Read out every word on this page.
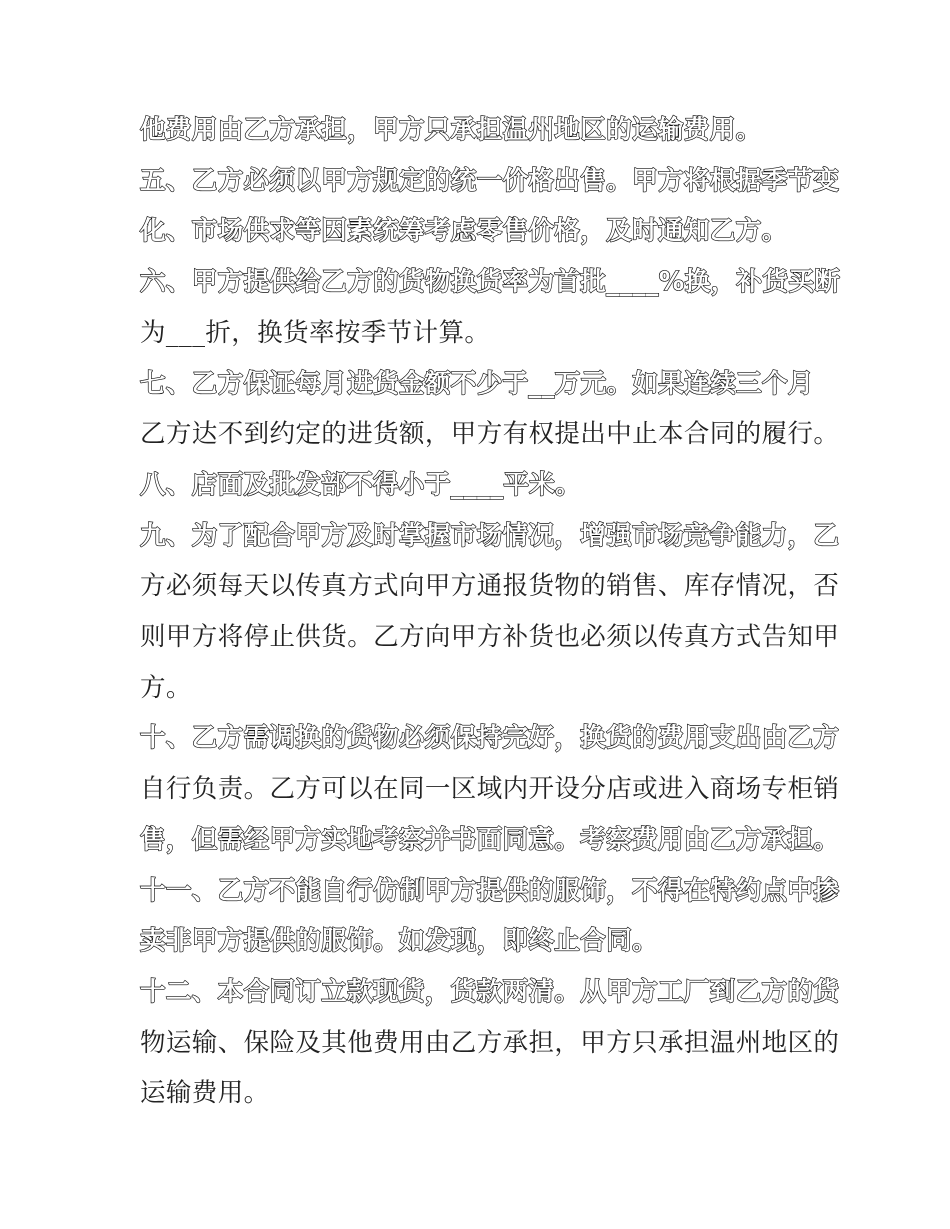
他费用由乙方承担，甲方只承担温州地区的运输费用。
五、乙方必须以甲方规定的统一价格出售。甲方将根据季节变
化、市场供求等因素统筹考虑零售价格，及时通知乙方。
六、甲方提供给乙方的货物换货率为首批____%换，补货买断
为___折，换货率按季节计算。
七、乙方保证每月进货金额不少于__万元。如果连续三个月
乙方达不到约定的进货额，甲方有权提出中止本合同的履行。
八、店面及批发部不得小于____平米。
九、为了配合甲方及时掌握市场情况，增强市场竞争能力，乙
方必须每天以传真方式向甲方通报货物的销售、库存情况，否
则甲方将停止供货。乙方向甲方补货也必须以传真方式告知甲
方。
十、乙方需调换的货物必须保持完好，换货的费用支出由乙方
自行负责。乙方可以在同一区域内开设分店或进入商场专柜销
售，但需经甲方实地考察并书面同意。考察费用由乙方承担。
十一、乙方不能自行仿制甲方提供的服饰，不得在特约点中掺
卖非甲方提供的服饰。如发现，即终止合同。
十二、本合同订立款现货，货款两清。从甲方工厂到乙方的货
物运输、保险及其他费用由乙方承担，甲方只承担温州地区的
运输费用。
